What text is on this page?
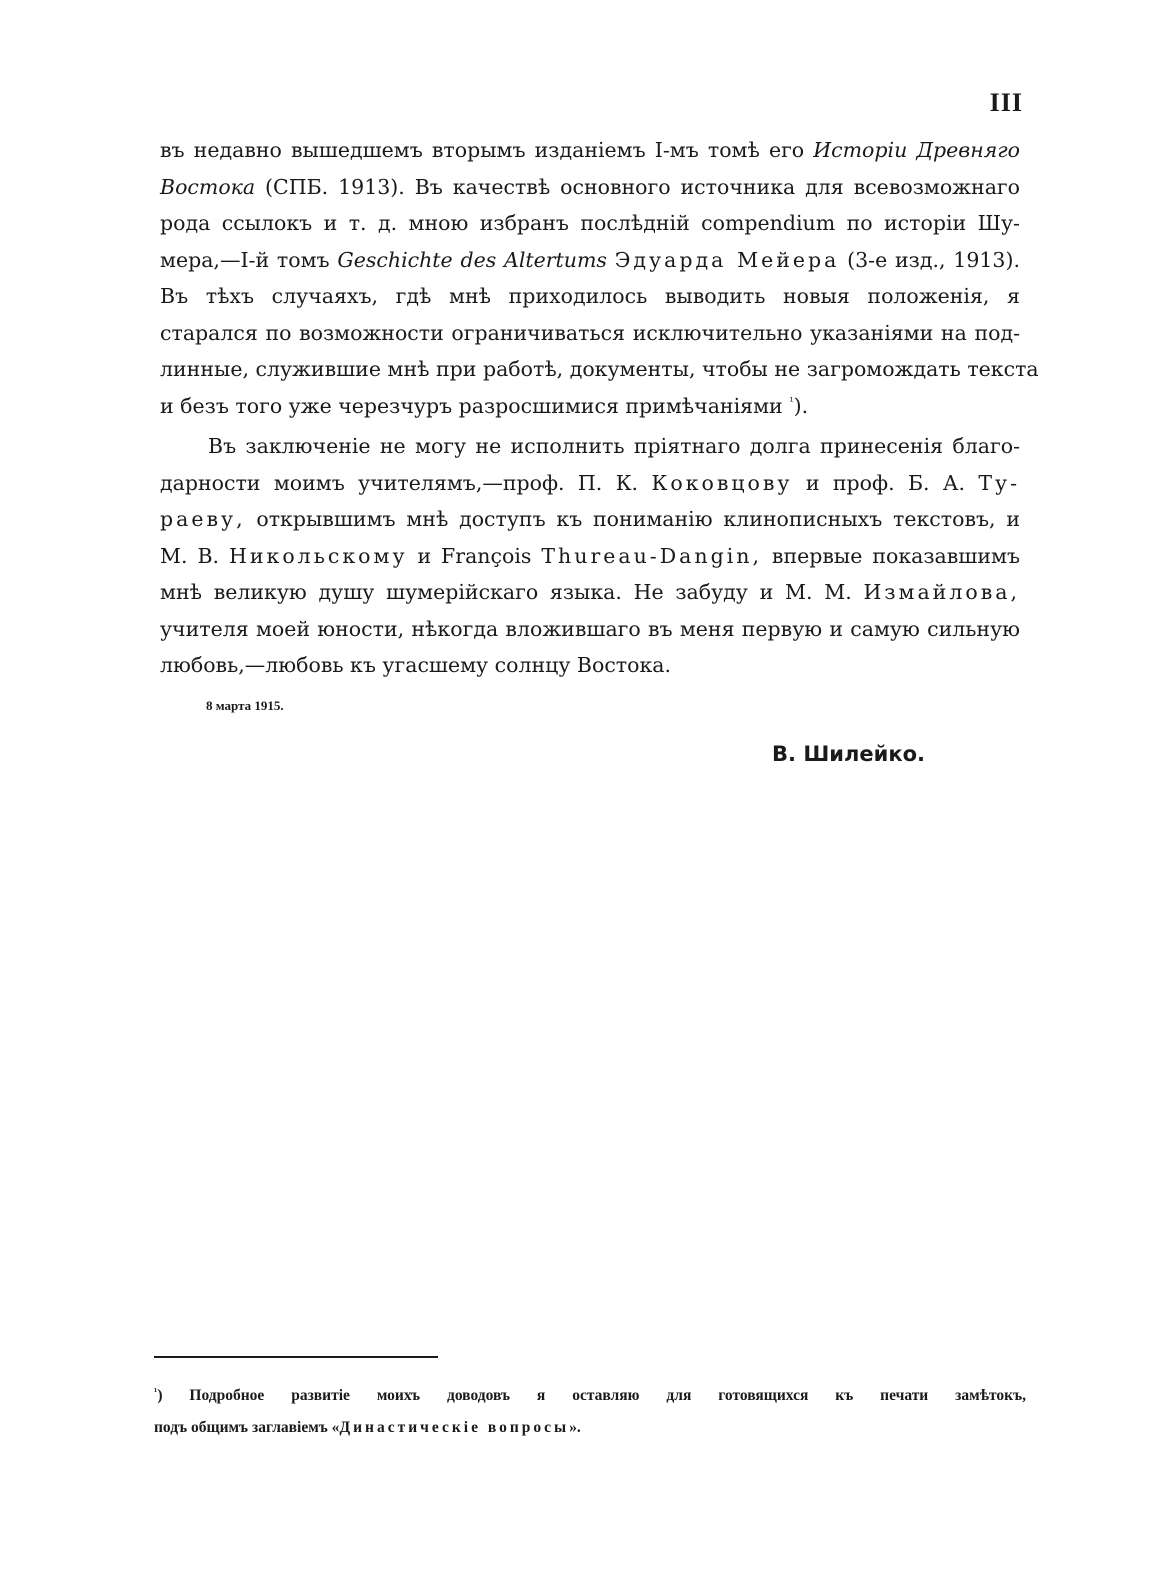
III
въ недавно вышедшемъ вторымъ изданіемъ I-мъ томѣ его Исторіи Древняго
Востока (СПБ. 1913). Въ качествѣ основного источника для всевозможнаго
рода ссылокъ и т. д. мною избранъ послѣдній compendium по исторіи Шу-
мера,—I-й томъ Geschichte des Altertums Эдуарда Мейера (3-е изд., 1913).
Въ тѣхъ случаяхъ, гдѣ мнѣ приходилось выводить новыя положенія, я
старался по возможности ограничиваться исключительно указаніями на под-
линные, служившие мнѣ при работѣ, документы, чтобы не загромождать текста
и безъ того уже черезчуръ разросшимися примѣчаніями $^{^1}$).
Въ заключеніе не могу не исполнить пріятнаго долга принесенія благо-
дарности моимъ учителямъ,—проф. П. К. Коковцову и проф. Б. А. Ту-
раеву, открывшимъ мнѣ доступъ къ пониманію клинописныхъ текстовъ, и
М. В. Никольскому и François Thureau-Dangin, впервые показавшимъ
мнѣ великую душу шумерійскаго языка. Не забуду и М. М. Измайлова,
учителя моей юности, нѣкогда вложившаго въ меня первую и самую сильную
любовь,—любовь къ угасшему солнцу Востока.
8 марта 1915.
В. Шилейко.
$^{^1}$) Подробное развитіе моихъ доводовъ я оставляю для готовящихся къ печати замѣтокъ,
подъ общимъ заглавіемъ «Династическіе вопросы».
